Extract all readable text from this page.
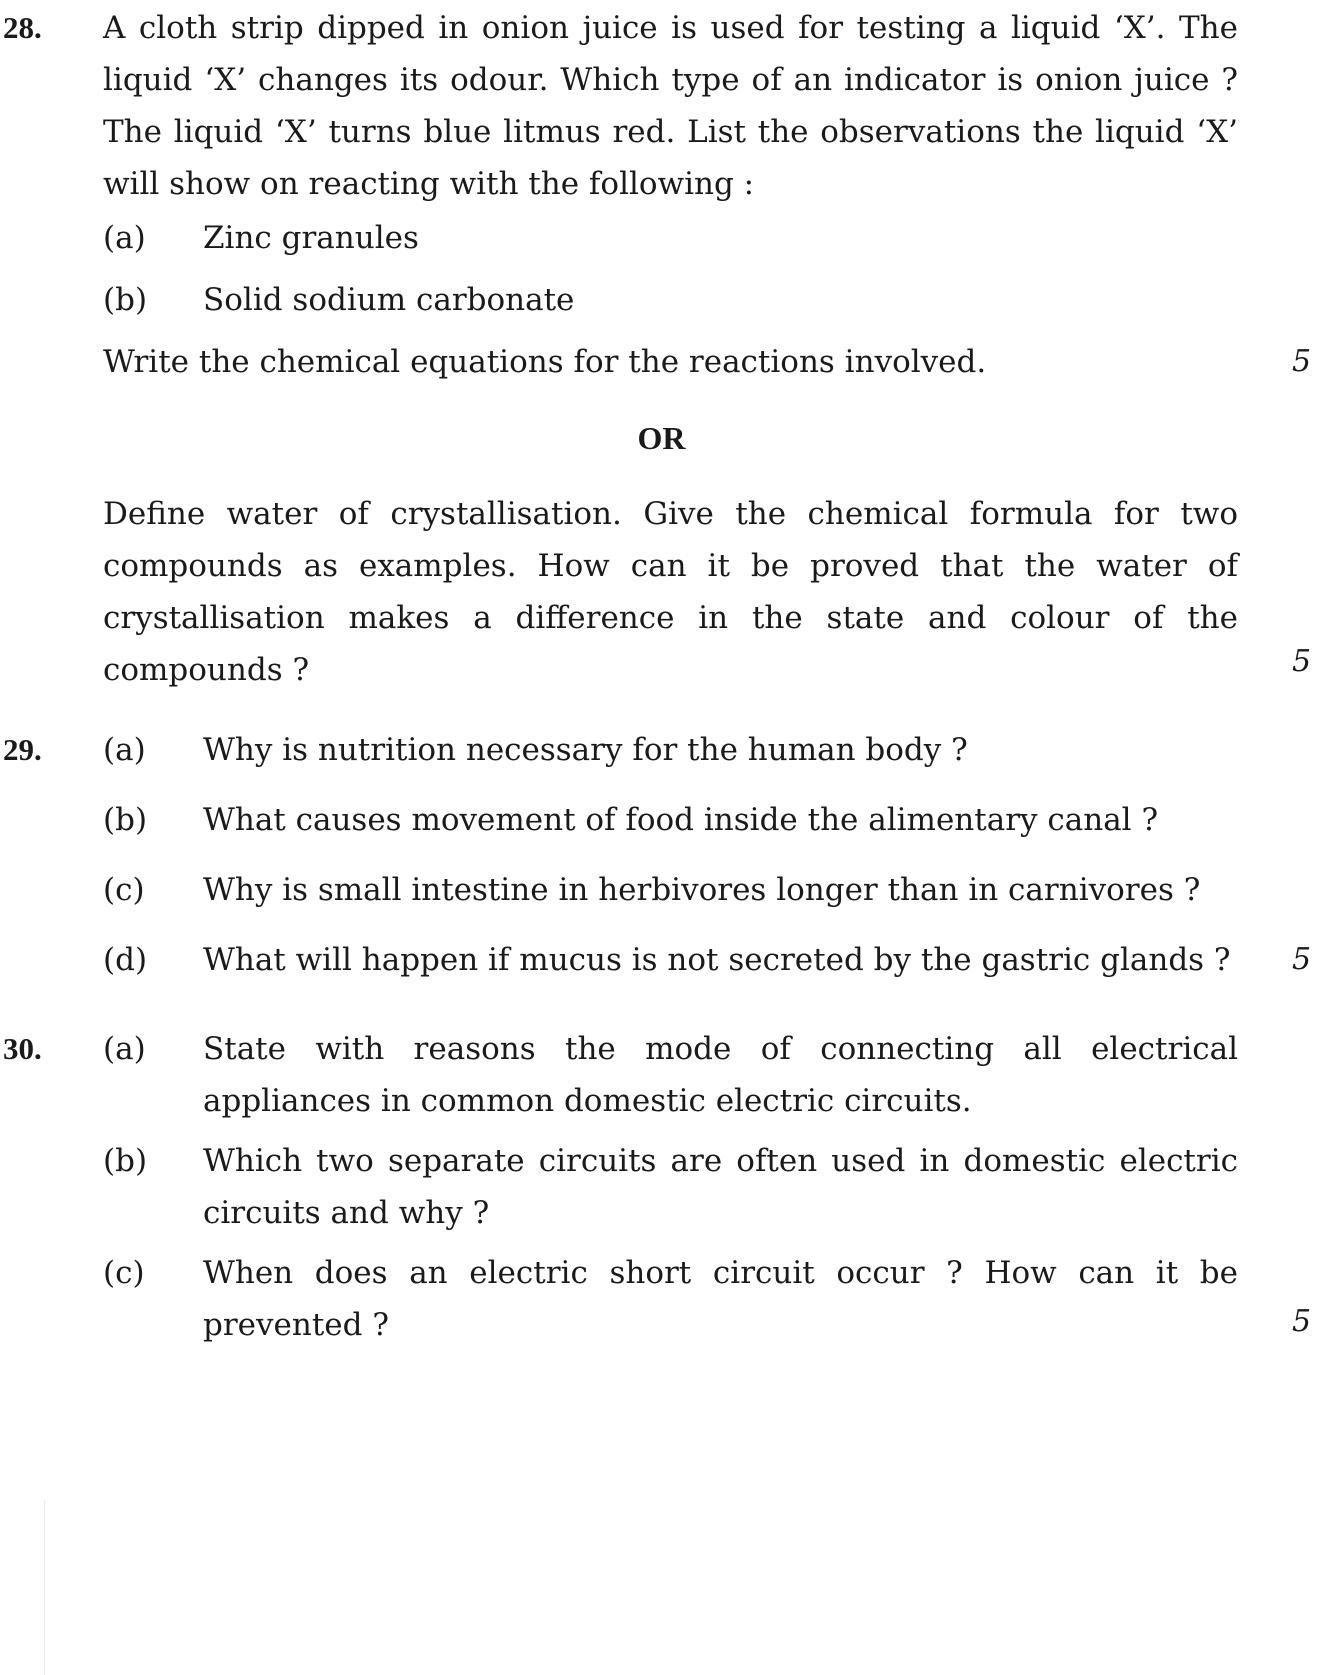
28. A cloth strip dipped in onion juice is used for testing a liquid ‘X’. The liquid ‘X’ changes its odour. Which type of an indicator is onion juice ? The liquid ‘X’ turns blue litmus red. List the observations the liquid ‘X’ will show on reacting with the following :
(a) Zinc granules
(b) Solid sodium carbonate
Write the chemical equations for the reactions involved.	5
OR
Define water of crystallisation. Give the chemical formula for two compounds as examples. How can it be proved that the water of crystallisation makes a difference in the state and colour of the compounds ?	5
29. (a) Why is nutrition necessary for the human body ?
(b) What causes movement of food inside the alimentary canal ?
(c) Why is small intestine in herbivores longer than in carnivores ?
(d) What will happen if mucus is not secreted by the gastric glands ? 5
30. (a) State with reasons the mode of connecting all electrical appliances in common domestic electric circuits.
(b) Which two separate circuits are often used in domestic electric circuits and why ?
(c) When does an electric short circuit occur ? How can it be prevented ?	5
